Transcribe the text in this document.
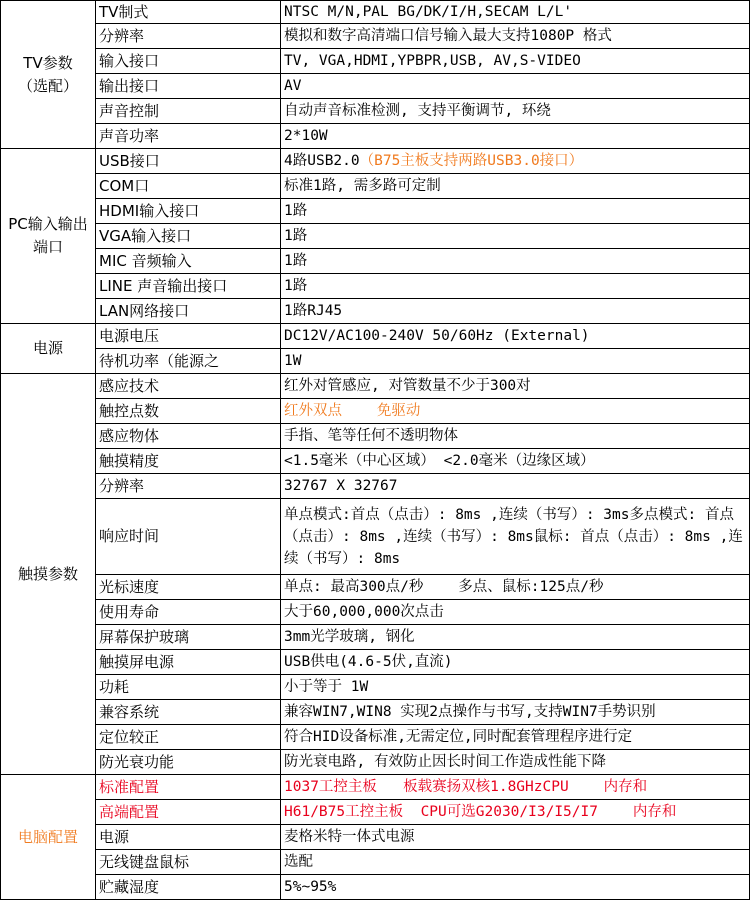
TV参数
（选配）	TV制式	NTSC M/N,PAL BG/DK/I/H,SECAM L/L'
	分辨率	模拟和数字高清端口信号输入最大支持1080P 格式
	输入接口	TV, VGA,HDMI,YPBPR,USB, AV,S-VIDEO
	输出接口	AV
	声音控制	自动声音标准检测, 支持平衡调节, 环绕
	声音功率	2*10W
PC输入输出端口	USB接口	4路USB2.0（B75主板支持两路USB3.0接口）
	COM口	标准1路, 需多路可定制
	HDMI输入接口	1路
	VGA输入接口	1路
	MIC 音频输入	1路
	LINE 声音输出接口	1路
	LAN网络接口	1路RJ45
电源	电源电压	DC12V/AC100-240V 50/60Hz (External)
	待机功率（能源之	1W
触摸参数	感应技术	红外对管感应, 对管数量不少于300对
	触控点数	红外双点    免驱动
	感应物体	手指、笔等任何不透明物体
	触摸精度	<1.5毫米（中心区域） <2.0毫米（边缘区域）
	分辨率	32767 X 32767
	响应时间	单点模式:首点（点击）: 8ms ,连续（书写）: 3ms多点模式: 首点（点击）: 8ms ,连续（书写）: 8ms鼠标: 首点（点击）: 8ms ,连续（书写）: 8ms
	光标速度	单点: 最高300点/秒    多点、鼠标:125点/秒
	使用寿命	大于60,000,000次点击
	屏幕保护玻璃	3mm光学玻璃, 钢化
	触摸屏电源	USB供电(4.6-5伏,直流)
	功耗	小于等于 1W
	兼容系统	兼容WIN7,WIN8 实现2点操作与书写,支持WIN7手势识别
	定位较正	符合HID设备标准,无需定位,同时配套管理程序进行定
	防光衰功能	防光衰电路, 有效防止因长时间工作造成性能下降
电脑配置	标准配置	1037工控主板   板载赛扬双核1.8GHzCPU    内存和
	高端配置	H61/B75工控主板  CPU可选G2030/I3/I5/I7    内存和
	电源	麦格米特一体式电源
	无线键盘鼠标	选配
	贮藏湿度	5%~95%
